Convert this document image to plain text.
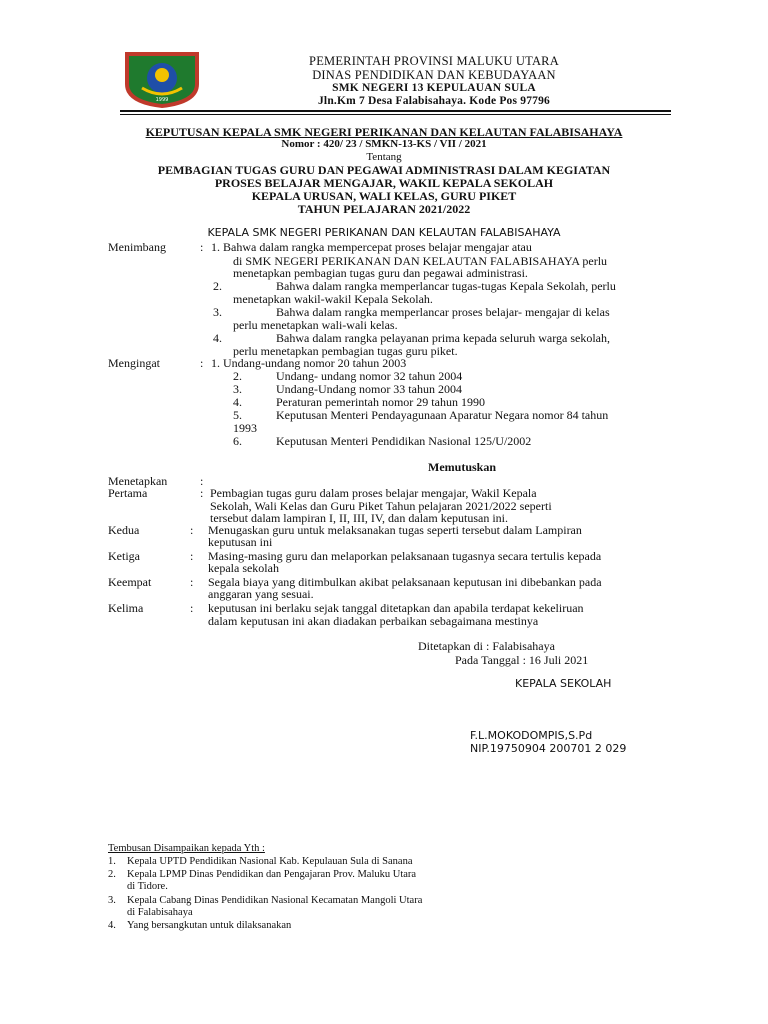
1999
PEMERINTAH PROVINSI MALUKU UTARA
DINAS PENDIDIKAN DAN KEBUDAYAAN
SMK NEGERI 13 KEPULAUAN SULA
Jln.Km 7 Desa Falabisahaya. Kode Pos 97796
KEPUTUSAN KEPALA SMK NEGERI PERIKANAN DAN KELAUTAN FALABISAHAYA
Nomor : 420/ 23 / SMKN-13-KS / VII / 2021
Tentang
PEMBAGIAN TUGAS GURU DAN PEGAWAI ADMINISTRASI DALAM KEGIATAN
PROSES BELAJAR MENGAJAR, WAKIL KEPALA SEKOLAH
KEPALA URUSAN, WALI KELAS, GURU PIKET
TAHUN PELAJARAN 2021/2022
KEPALA SMK NEGERI PERIKANAN DAN KELAUTAN FALABISAHAYA
Menimbang	: 1. Bahwa dalam rangka mempercepat proses belajar mengajar atau
di SMK NEGERI PERIKANAN DAN KELAUTAN FALABISAHAYA perlu
menetapkan pembagian tugas guru dan pegawai administrasi.
2.	Bahwa dalam rangka memperlancar tugas-tugas Kepala Sekolah, perlu
menetapkan wakil-wakil Kepala Sekolah.
3.	Bahwa dalam rangka memperlancar proses belajar- mengajar di kelas
perlu menetapkan wali-wali kelas.
4.	Bahwa dalam rangka pelayanan prima kepada seluruh warga sekolah,
perlu menetapkan pembagian tugas guru piket.
Mengingat	: 1. Undang-undang nomor 20 tahun 2003
2.	Undang- undang nomor 32 tahun 2004
3.	Undang-Undang nomor 33 tahun 2004
4.	Peraturan pemerintah nomor 29 tahun 1990
5.	Keputusan Menteri Pendayagunaan Aparatur Negara nomor 84 tahun
1993
6.	Keputusan Menteri Pendidikan Nasional 125/U/2002
Memutuskan
Menetapkan	:
Pertama	: Pembagian tugas guru dalam proses belajar mengajar, Wakil Kepala
Sekolah, Wali Kelas dan Guru Piket Tahun pelajaran 2021/2022 seperti
tersebut dalam lampiran I, II, III, IV, dan dalam keputusan ini.
Kedua	: Menugaskan guru untuk melaksanakan tugas seperti tersebut dalam Lampiran
keputusan ini
Ketiga	: Masing-masing guru dan melaporkan pelaksanaan tugasnya secara tertulis kepada
kepala sekolah
Keempat	: Segala biaya yang ditimbulkan akibat pelaksanaan keputusan ini dibebankan pada
anggaran yang sesuai.
Kelima	: keputusan ini berlaku sejak tanggal ditetapkan dan apabila terdapat kekeliruan
dalam keputusan ini akan diadakan perbaikan sebagaimana mestinya
Ditetapkan di : Falabisahaya
Pada Tanggal : 16 Juli 2021
KEPALA SEKOLAH
F.L.MOKODOMPIS,S.Pd
NIP.19750904 200701 2 029
Tembusan Disampaikan kepada Yth :
1. Kepala UPTD Pendidikan Nasional Kab. Kepulauan Sula di Sanana
2. Kepala LPMP Dinas Pendidikan dan Pengajaran Prov. Maluku Utara
di Tidore.
3. Kepala Cabang Dinas Pendidikan Nasional Kecamatan Mangoli Utara
di Falabisahaya
4. Yang bersangkutan untuk dilaksanakan
